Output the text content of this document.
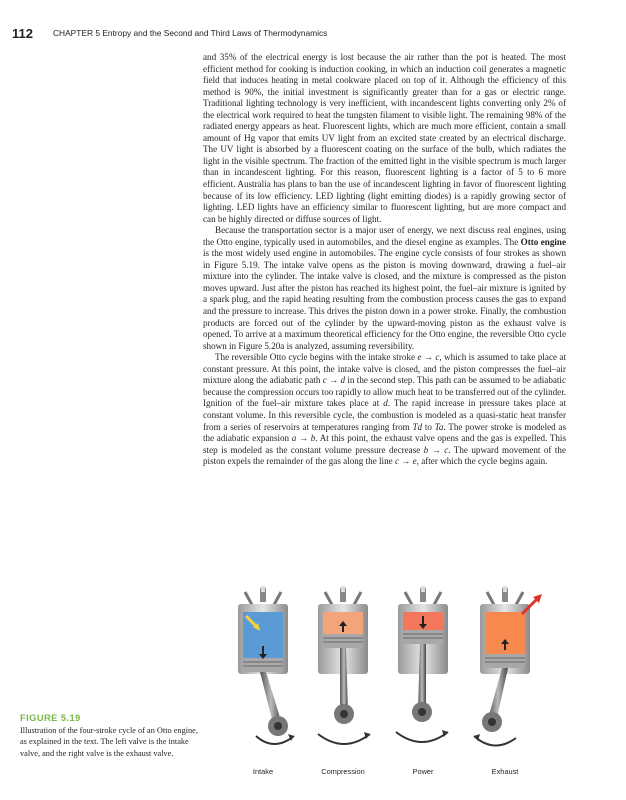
112 CHAPTER 5 Entropy and the Second and Third Laws of Thermodynamics

and 35% of the electrical energy is lost because the air rather than the pot is heated. The most efficient method for cooking is induction cooking, in which an induction coil generates a magnetic field that induces heating in metal cookware placed on top of it. Although the efficiency of this method is 90%, the initial investment is significantly greater than for a gas or electric range. Traditional lighting technology is very inefficient, with incandescent lights converting only 2% of the electrical work required to heat the tungsten filament to visible light. The remaining 98% of the radiated energy appears as heat. Fluorescent lights, which are much more efficient, contain a small amount of Hg vapor that emits UV light from an excited state created by an electrical discharge. The UV light is absorbed by a fluorescent coating on the surface of the bulb, which radiates the light in the visible spectrum. The fraction of the emitted light in the visible spectrum is much larger than in incandescent lighting. For this reason, fluorescent lighting is a factor of 5 to 6 more efficient. Australia has plans to ban the use of incandescent lighting in favor of fluorescent lighting because of its low efficiency. LED lighting (light emitting diodes) is a rapidly growing sector of lighting. LED lights have an efficiency similar to fluorescent lighting, but are more compact and can be highly directed or diffuse sources of light.

Because the transportation sector is a major user of energy, we next discuss real engines, using the Otto engine, typically used in automobiles, and the diesel engine as examples. The Otto engine is the most widely used engine in automobiles. The engine cycle consists of four strokes as shown in Figure 5.19. The intake valve opens as the piston is moving downward, drawing a fuel–air mixture into the cylinder. The intake valve is closed, and the mixture is compressed as the piston moves upward. Just after the piston has reached its highest point, the fuel–air mixture is ignited by a spark plug, and the rapid heating resulting from the combustion process causes the gas to expand and the pressure to increase. This drives the piston down in a power stroke. Finally, the combustion products are forced out of the cylinder by the upward-moving piston as the exhaust valve is opened. To arrive at a maximum theoretical efficiency for the Otto engine, the reversible Otto cycle shown in Figure 5.20a is analyzed, assuming reversibility.

The reversible Otto cycle begins with the intake stroke e → c, which is assumed to take place at constant pressure. At this point, the intake valve is closed, and the piston compresses the fuel–air mixture along the adiabatic path c → d in the second step. This path can be assumed to be adiabatic because the compression occurs too rapidly to allow much heat to be transferred out of the cylinder. Ignition of the fuel–air mixture takes place at d. The rapid increase in pressure takes place at constant volume. In this reversible cycle, the combustion is modeled as a quasi-static heat transfer from a series of reservoirs at temperatures ranging from Td to Ta. The power stroke is modeled as the adiabatic expansion a → b. At this point, the exhaust valve opens and the gas is expelled. This step is modeled as the constant volume pressure decrease b → c. The upward movement of the piston expels the remainder of the gas along the line c → e, after which the cycle begins again.

Intake	Compression	Power	Exhaust
FIGURE 5.19
Illustration of the four-stroke cycle of an Otto engine, as explained in the text. The left valve is the intake valve, and the right valve is the exhaust valve.
